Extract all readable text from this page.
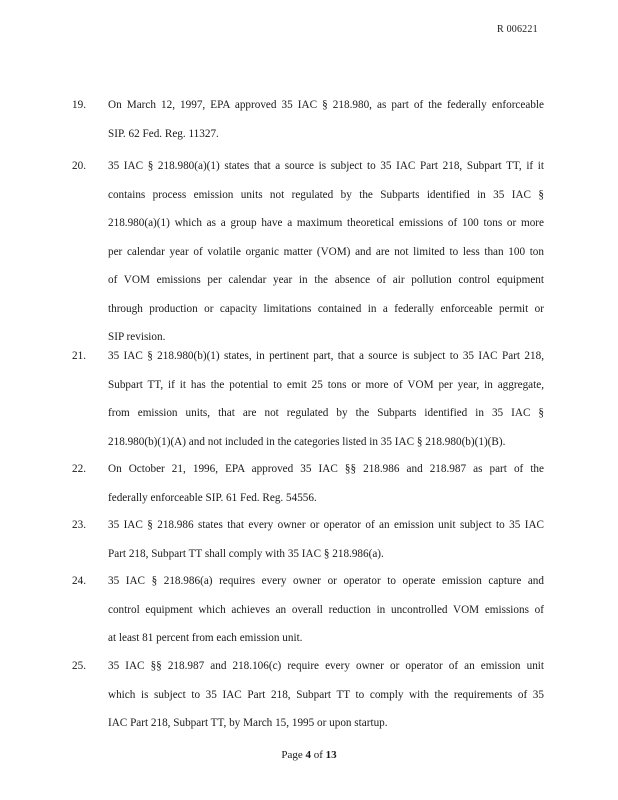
R 006221
19.	On March 12, 1997, EPA approved 35 IAC § 218.980, as part of the federally enforceable
SIP. 62 Fed. Reg. 11327.
20.	35 IAC § 218.980(a)(1) states that a source is subject to 35 IAC Part 218, Subpart TT, if it
contains process emission units not regulated by the Subparts identified in 35 IAC §
218.980(a)(1) which as a group have a maximum theoretical emissions of 100 tons or more
per calendar year of volatile organic matter (VOM) and are not limited to less than 100 ton
of VOM emissions per calendar year in the absence of air pollution control equipment
through production or capacity limitations contained in a federally enforceable permit or
SIP revision.
21.	35 IAC § 218.980(b)(1) states, in pertinent part, that a source is subject to 35 IAC Part 218,
Subpart TT, if it has the potential to emit 25 tons or more of VOM per year, in aggregate,
from emission units, that are not regulated by the Subparts identified in 35 IAC §
218.980(b)(1)(A) and not included in the categories listed in 35 IAC § 218.980(b)(1)(B).
22.	On October 21, 1996, EPA approved 35 IAC §§ 218.986 and 218.987 as part of the
federally enforceable SIP. 61 Fed. Reg. 54556.
23.	35 IAC § 218.986 states that every owner or operator of an emission unit subject to 35 IAC
Part 218, Subpart TT shall comply with 35 IAC § 218.986(a).
24.	35 IAC § 218.986(a) requires every owner or operator to operate emission capture and
control equipment which achieves an overall reduction in uncontrolled VOM emissions of
at least 81 percent from each emission unit.
25.	35 IAC §§ 218.987 and 218.106(c) require every owner or operator of an emission unit
which is subject to 35 IAC Part 218, Subpart TT to comply with the requirements of 35
IAC Part 218, Subpart TT, by March 15, 1995 or upon startup.
Page 4 of 13
